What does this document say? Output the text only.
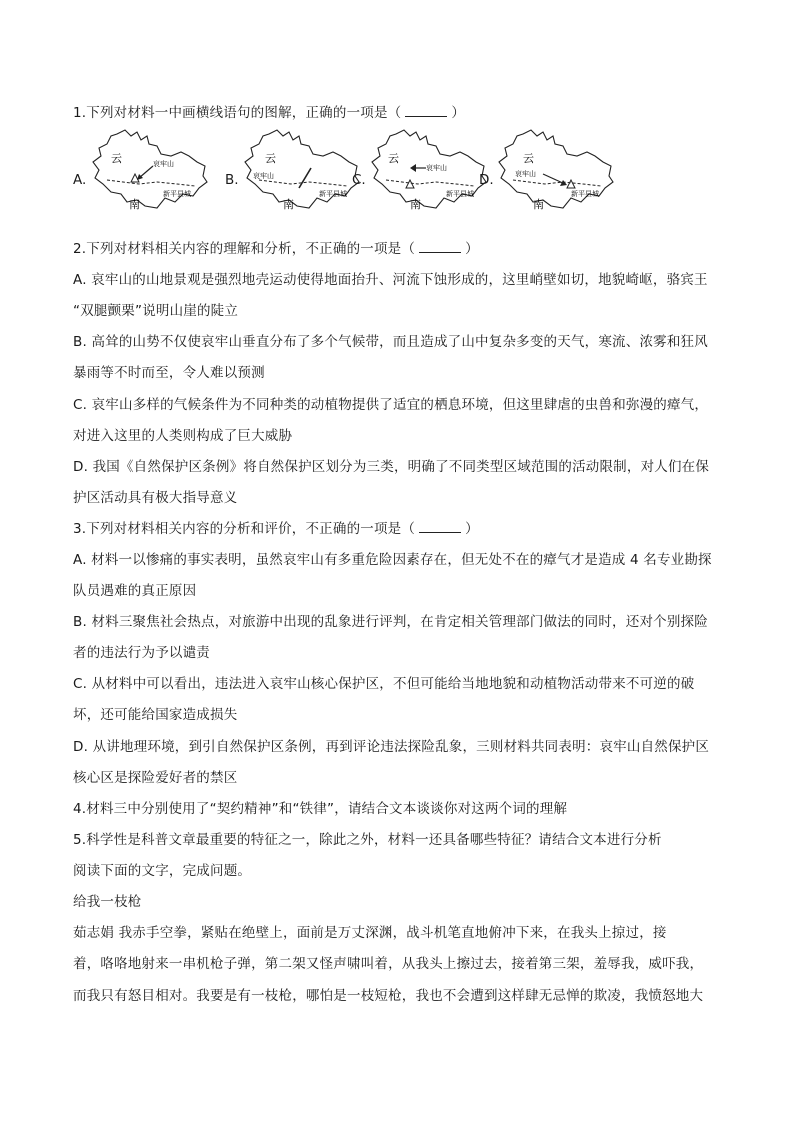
1.下列对材料一中画横线语句的图解，正确的一项是（	）
A.
云
南
哀牢山
新平县城
B.
云
南
哀牢山
新平县城
C.
云
南
哀牢山
新平县城
D.
云
南
哀牢山
新平县城
2.下列对材料相关内容的理解和分析，不正确的一项是（	）
A. 哀牢山的山地景观是强烈地壳运动使得地面抬升、河流下蚀形成的，这里峭壁如切，地貌崎岖，骆宾王
“双腿颤栗”说明山崖的陡立
B. 高耸的山势不仅使哀牢山垂直分布了多个气候带，而且造成了山中复杂多变的天气，寒流、浓雾和狂风
暴雨等不时而至，令人难以预测
C. 哀牢山多样的气候条件为不同种类的动植物提供了适宜的栖息环境，但这里肆虐的虫兽和弥漫的瘴气，
对进入这里的人类则构成了巨大威胁
D. 我国《自然保护区条例》将自然保护区划分为三类，明确了不同类型区域范围的活动限制，对人们在保
护区活动具有极大指导意义
3.下列对材料相关内容的分析和评价，不正确的一项是（	）
A. 材料一以惨痛的事实表明，虽然哀牢山有多重危险因素存在，但无处不在的瘴气才是造成 4 名专业勘探
队员遇难的真正原因
B. 材料三聚焦社会热点，对旅游中出现的乱象进行评判，在肯定相关管理部门做法的同时，还对个别探险
者的违法行为予以谴责
C. 从材料中可以看出，违法进入哀牢山核心保护区，不但可能给当地地貌和动植物活动带来不可逆的破
坏，还可能给国家造成损失
D. 从讲地理环境，到引自然保护区条例，再到评论违法探险乱象，三则材料共同表明：哀牢山自然保护区
核心区是探险爱好者的禁区
4.材料三中分别使用了“契约精神”和“铁律”，请结合文本谈谈你对这两个词的理解
5.科学性是科普文章最重要的特征之一，除此之外，材料一还具备哪些特征？请结合文本进行分析
阅读下面的文字，完成问题。
给我一枝枪
茹志娟 我赤手空拳，紧贴在绝壁上，面前是万丈深渊，战斗机笔直地俯冲下来，在我头上掠过，接
着，咯咯地射来一串机枪子弹，第二架又怪声啸叫着，从我头上擦过去，接着第三架，羞辱我，威吓我，
而我只有怒目相对。我要是有一枝枪，哪怕是一枝短枪，我也不会遭到这样肆无忌惮的欺凌，我愤怒地大
